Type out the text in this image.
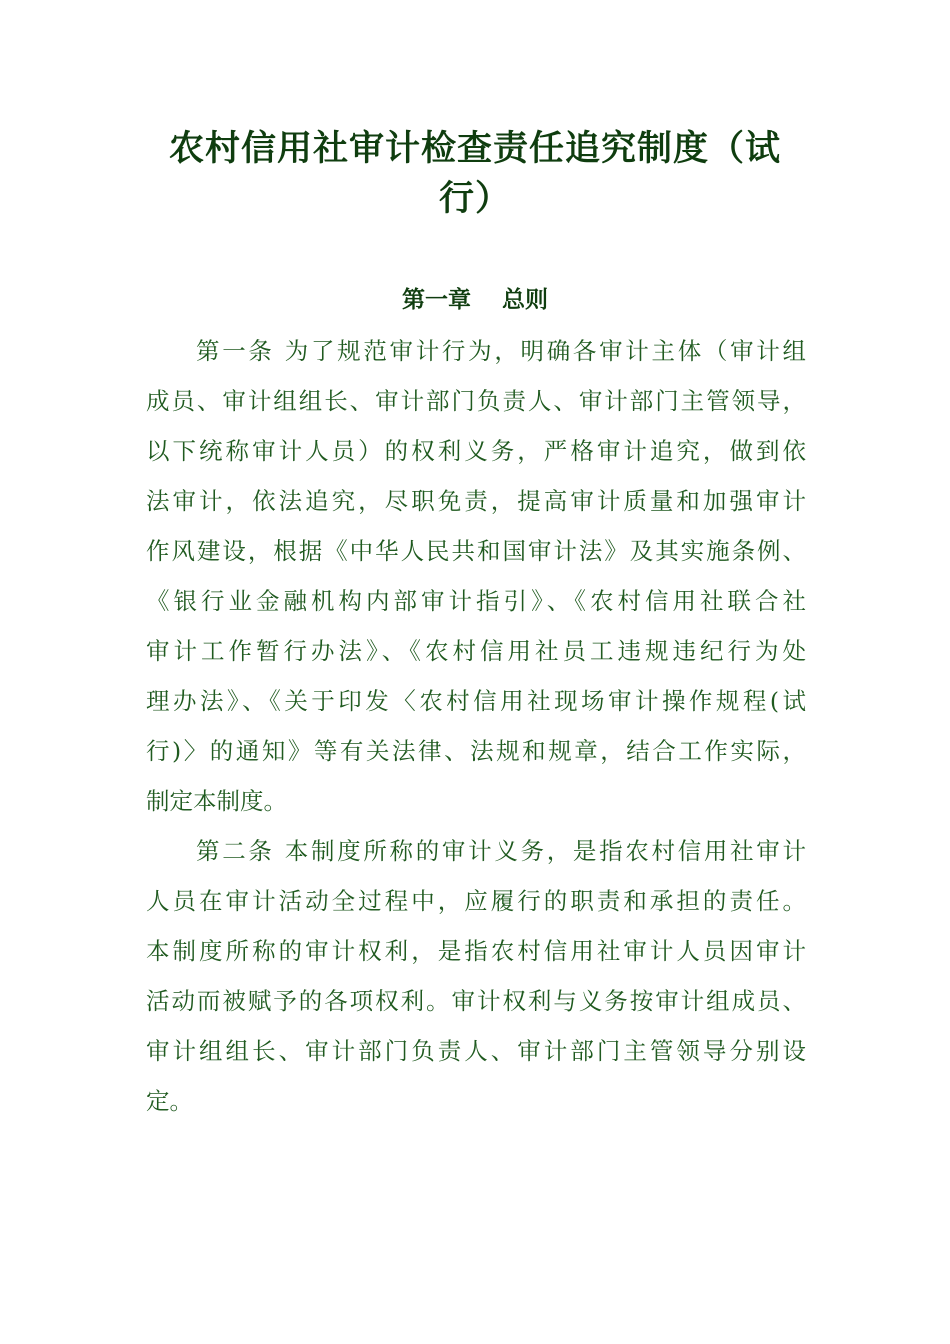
农村信用社审计检查责任追究制度（试
行）
第一章　 总则
第一条 为了规范审计行为，明确各审计主体（审计组
成员、审计组组长、审计部门负责人、审计部门主管领导，
以下统称审计人员）的权利义务，严格审计追究，做到依
法审计，依法追究，尽职免责，提高审计质量和加强审计
作风建设，根据《中华人民共和国审计法》及其实施条例、
《银行业金融机构内部审计指引》、《农村信用社联合社
审计工作暂行办法》、《农村信用社员工违规违纪行为处
理办法》、《关于印发〈农村信用社现场审计操作规程(试
行)〉的通知》等有关法律、法规和规章，结合工作实际，
制定本制度。
第二条 本制度所称的审计义务，是指农村信用社审计
人员在审计活动全过程中，应履行的职责和承担的责任。
本制度所称的审计权利，是指农村信用社审计人员因审计
活动而被赋予的各项权利。审计权利与义务按审计组成员、
审计组组长、审计部门负责人、审计部门主管领导分别设
定。
